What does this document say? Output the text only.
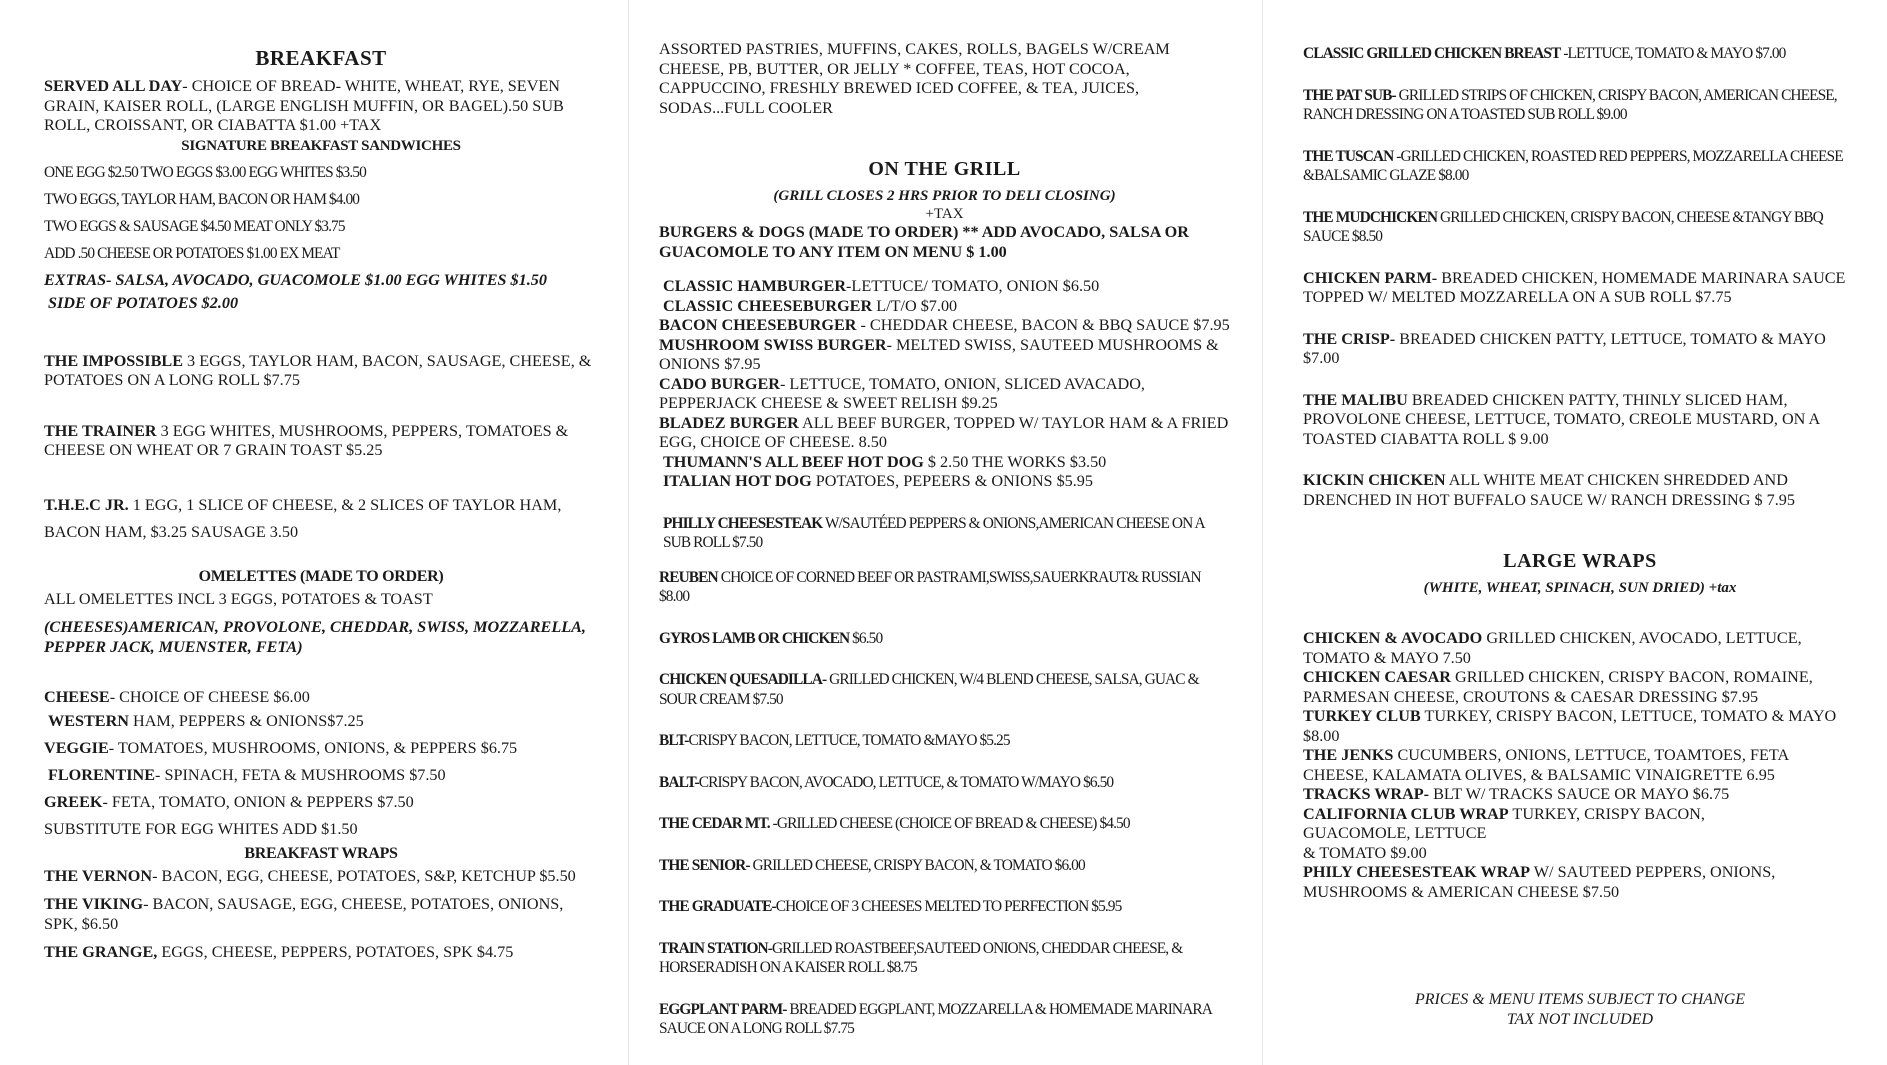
BREAKFAST

SERVED ALL DAY- CHOICE OF BREAD- WHITE, WHEAT, RYE, SEVEN GRAIN, KAISER ROLL, (LARGE ENGLISH MUFFIN, OR BAGEL).50 SUB ROLL, CROISSANT, OR CIABATTA $1.00 +TAX

SIGNATURE BREAKFAST SANDWICHES
ONE EGG $2.50 TWO EGGS $3.00 EGG WHITES $3.50
TWO EGGS, TAYLOR HAM, BACON OR HAM $4.00
TWO EGGS & SAUSAGE $4.50 MEAT ONLY $3.75
ADD .50 CHEESE OR POTATOES $1.00 EX MEAT

EXTRAS- SALSA, AVOCADO, GUACOMOLE $1.00 EGG WHITES $1.50

SIDE OF POTATOES $2.00

THE IMPOSSIBLE 3 EGGS, TAYLOR HAM, BACON, SAUSAGE, CHEESE, & POTATOES ON A LONG ROLL $7.75

THE TRAINER 3 EGG WHITES, MUSHROOMS, PEPPERS, TOMATOES & CHEESE ON WHEAT OR 7 GRAIN TOAST $5.25

T.H.E.C JR. 1 EGG, 1 SLICE OF CHEESE, & 2 SLICES OF TAYLOR HAM, BACON HAM, $3.25 SAUSAGE 3.50

OMELETTES (MADE TO ORDER)

ALL OMELETTES INCL 3 EGGS, POTATOES & TOAST

(CHEESES)AMERICAN, PROVOLONE, CHEDDAR, SWISS, MOZZARELLA, PEPPER JACK, MUENSTER, FETA)

CHEESE- CHOICE OF CHEESE $6.00

WESTERN HAM, PEPPERS & ONIONS$7.25

VEGGIE- TOMATOES, MUSHROOMS, ONIONS, & PEPPERS $6.75

FLORENTINE- SPINACH, FETA & MUSHROOMS $7.50

GREEK- FETA, TOMATO, ONION & PEPPERS $7.50

SUBSTITUTE FOR EGG WHITES ADD $1.50

BREAKFAST WRAPS

THE VERNON- BACON, EGG, CHEESE, POTATOES, S&P, KETCHUP $5.50

THE VIKING- BACON, SAUSAGE, EGG, CHEESE, POTATOES, ONIONS, SPK, $6.50

THE GRANGE, EGGS, CHEESE, PEPPERS, POTATOES, SPK $4.75

ASSORTED PASTRIES, MUFFINS, CAKES, ROLLS, BAGELS W/CREAM CHEESE, PB, BUTTER, OR JELLY * COFFEE, TEAS, HOT COCOA, CAPPUCCINO, FRESHLY BREWED ICED COFFEE, & TEA, JUICES, SODAS...FULL COOLER

ON THE GRILL
(GRILL CLOSES 2 HRS PRIOR TO DELI CLOSING)
+TAX

BURGERS & DOGS (MADE TO ORDER) ** ADD AVOCADO, SALSA OR GUACOMOLE TO ANY ITEM ON MENU $ 1.00

CLASSIC HAMBURGER-LETTUCE/ TOMATO, ONION $6.50

CLASSIC CHEESEBURGER L/T/O $7.00

BACON CHEESEBURGER - CHEDDAR CHEESE, BACON & BBQ SAUCE $7.95

MUSHROOM SWISS BURGER- MELTED SWISS, SAUTEED MUSHROOMS & ONIONS $7.95

CADO BURGER- LETTUCE, TOMATO, ONION, SLICED AVACADO, PEPPERJACK CHEESE & SWEET RELISH $9.25

BLADEZ BURGER ALL BEEF BURGER, TOPPED W/ TAYLOR HAM & A FRIED EGG, CHOICE OF CHEESE. 8.50

THUMANN'S ALL BEEF HOT DOG $ 2.50 THE WORKS $3.50

ITALIAN HOT DOG POTATOES, PEPEERS & ONIONS $5.95

PHILLY CHEESESTEAK W/SAUTÉED PEPPERS & ONIONS,AMERICAN CHEESE ON A SUB ROLL $7.50

REUBEN CHOICE OF CORNED BEEF OR PASTRAMI,SWISS,SAUERKRAUT& RUSSIAN $8.00

GYROS LAMB OR CHICKEN $6.50

CHICKEN QUESADILLA- GRILLED CHICKEN, W/4 BLEND CHEESE, SALSA, GUAC & SOUR CREAM $7.50

BLT-CRISPY BACON, LETTUCE, TOMATO &MAYO $5.25

BALT-CRISPY BACON, AVOCADO, LETTUCE, & TOMATO W/MAYO $6.50

THE CEDAR MT. -GRILLED CHEESE (CHOICE OF BREAD & CHEESE) $4.50

THE SENIOR- GRILLED CHEESE, CRISPY BACON, & TOMATO $6.00

THE GRADUATE-CHOICE OF 3 CHEESES MELTED TO PERFECTION $5.95

TRAIN STATION-GRILLED ROASTBEEF,SAUTEED ONIONS, CHEDDAR CHEESE, & HORSERADISH ON A KAISER ROLL $8.75

EGGPLANT PARM- BREADED EGGPLANT, MOZZARELLA & HOMEMADE MARINARA SAUCE ON A LONG ROLL $7.75

CLASSIC GRILLED CHICKEN BREAST -LETTUCE, TOMATO & MAYO $7.00

THE PAT SUB- GRILLED STRIPS OF CHICKEN, CRISPY BACON, AMERICAN CHEESE, RANCH DRESSING ON A TOASTED SUB ROLL $9.00

THE TUSCAN -GRILLED CHICKEN, ROASTED RED PEPPERS, MOZZARELLA CHEESE &BALSAMIC GLAZE $8.00

THE MUDCHICKEN GRILLED CHICKEN, CRISPY BACON, CHEESE &TANGY BBQ SAUCE $8.50

CHICKEN PARM- BREADED CHICKEN, HOMEMADE MARINARA SAUCE TOPPED W/ MELTED MOZZARELLA ON A SUB ROLL $7.75

THE CRISP- BREADED CHICKEN PATTY, LETTUCE, TOMATO & MAYO $7.00

THE MALIBU BREADED CHICKEN PATTY, THINLY SLICED HAM, PROVOLONE CHEESE, LETTUCE, TOMATO, CREOLE MUSTARD, ON A TOASTED CIABATTA ROLL $ 9.00

KICKIN CHICKEN ALL WHITE MEAT CHICKEN SHREDDED AND DRENCHED IN HOT BUFFALO SAUCE W/ RANCH DRESSING $ 7.95

LARGE WRAPS
(WHITE, WHEAT, SPINACH, SUN DRIED) +tax

CHICKEN & AVOCADO GRILLED CHICKEN, AVOCADO, LETTUCE, TOMATO & MAYO 7.50

CHICKEN CAESAR GRILLED CHICKEN, CRISPY BACON, ROMAINE, PARMESAN CHEESE, CROUTONS & CAESAR DRESSING $7.95

TURKEY CLUB TURKEY, CRISPY BACON, LETTUCE, TOMATO & MAYO $8.00

THE JENKS CUCUMBERS, ONIONS, LETTUCE, TOAMTOES, FETA CHEESE, KALAMATA OLIVES, & BALSAMIC VINAIGRETTE 6.95

TRACKS WRAP- BLT W/ TRACKS SAUCE OR MAYO $6.75

CALIFORNIA CLUB WRAP TURKEY, CRISPY BACON, GUACOMOLE, LETTUCE

& TOMATO $9.00

PHILY CHEESESTEAK WRAP W/ SAUTEED PEPPERS, ONIONS, MUSHROOMS & AMERICAN CHEESE $7.50

PRICES & MENU ITEMS SUBJECT TO CHANGE
TAX NOT INCLUDED
